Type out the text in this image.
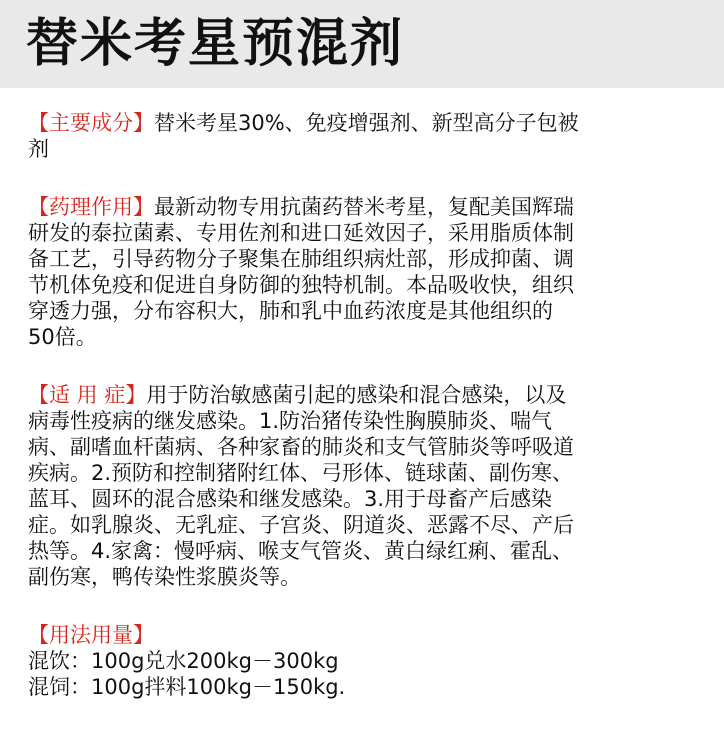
替米考星预混剂
【主要成分】替米考星30%、免疫增强剂、新型高分子包被
剂
【药理作用】最新动物专用抗菌药替米考星，复配美国辉瑞
研发的泰拉菌素、专用佐剂和进口延效因子，采用脂质体制
备工艺，引导药物分子聚集在肺组织病灶部，形成抑菌、调
节机体免疫和促进自身防御的独特机制。本品吸收快，组织
穿透力强，分布容积大，肺和乳中血药浓度是其他组织的
50倍。
【适 用 症】用于防治敏感菌引起的感染和混合感染，以及
病毒性疫病的继发感染。1.防治猪传染性胸膜肺炎、喘气
病、副嗜血杆菌病、各种家畜的肺炎和支气管肺炎等呼吸道
疾病。2.预防和控制猪附红体、弓形体、链球菌、副伤寒、
蓝耳、圆环的混合感染和继发感染。3.用于母畜产后感染
症。如乳腺炎、无乳症、子宫炎、阴道炎、恶露不尽、产后
热等。4.家禽：慢呼病、喉支气管炎、黄白绿红痢、霍乱、
副伤寒，鸭传染性浆膜炎等。
【用法用量】
混饮：100g兑水200kg－300kg
混饲：100g拌料100kg－150kg.
